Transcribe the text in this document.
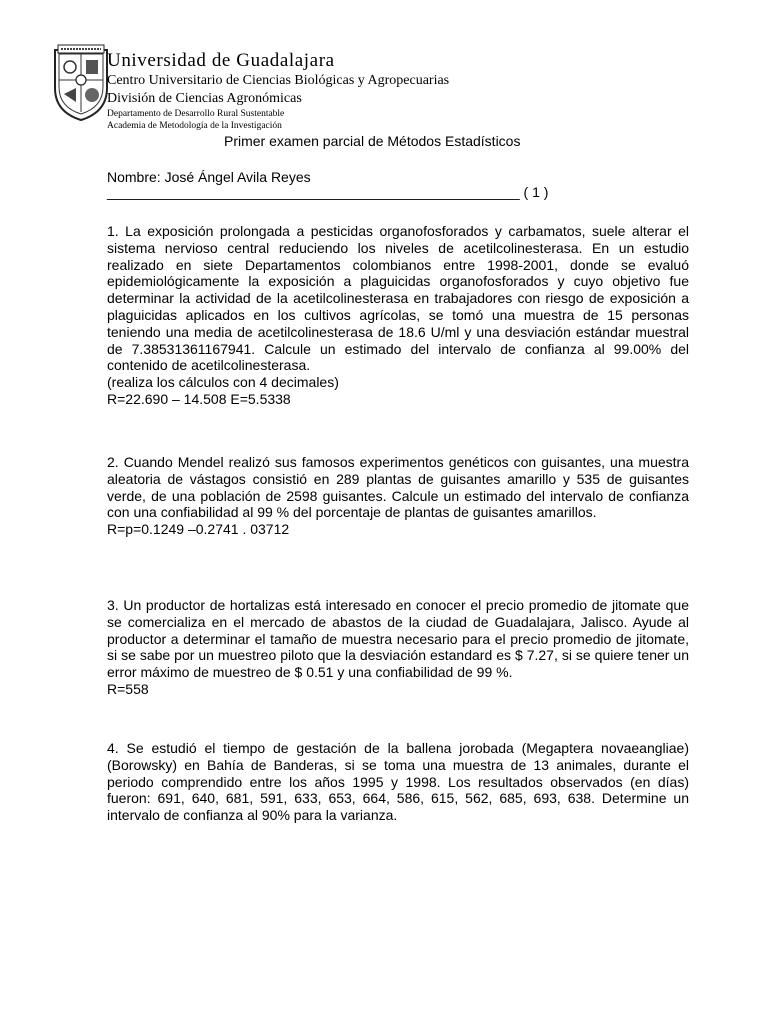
Universidad de Guadalajara
Centro Universitario de Ciencias Biológicas y Agropecuarias
División de Ciencias Agronómicas
Departamento de Desarrollo Rural Sustentable
Academia de Metodología de la Investigación
Primer examen parcial de Métodos Estadísticos
Nombre: José Ángel Avila Reyes
_____________________________________________________ ( 1 )

1. La exposición prolongada a pesticidas organofosforados y carbamatos, suele alterar el sistema nervioso central reduciendo los niveles de acetilcolinesterasa. En un estudio realizado en siete Departamentos colombianos entre 1998-2001, donde se evaluó epidemiológicamente la exposición a plaguicidas organofosforados y cuyo objetivo fue determinar la actividad de la acetilcolinesterasa en trabajadores con riesgo de exposición a plaguicidas aplicados en los cultivos agrícolas, se tomó una muestra de 15 personas teniendo una media de acetilcolinesterasa de 18.6 U/ml y una desviación estándar muestral de 7.38531361167941. Calcule un estimado del intervalo de confianza al 99.00% del contenido de acetilcolinesterasa.

(realiza los cálculos con 4 decimales)
R=22.690 – 14.508 E=5.5338

2. Cuando Mendel realizó sus famosos experimentos genéticos con guisantes, una muestra aleatoria de vástagos consistió en 289 plantas de guisantes amarillo y 535 de guisantes verde, de una población de 2598 guisantes. Calcule un estimado del intervalo de confianza con una confiabilidad al 99 % del porcentaje de plantas de guisantes amarillos.

R=p=0.1249 –0.2741 . 03712

3. Un productor de hortalizas está interesado en conocer el precio promedio de jitomate que se comercializa en el mercado de abastos de la ciudad de Guadalajara, Jalisco. Ayude al productor a determinar el tamaño de muestra necesario para el precio promedio de jitomate, si se sabe por un muestreo piloto que la desviación estandard es $ 7.27, si se quiere tener un error máximo de muestreo de $ 0.51 y una confiabilidad de 99 %.

R=558

4. Se estudió el tiempo de gestación de la ballena jorobada (Megaptera novaeangliae) (Borowsky) en Bahía de Banderas, si se toma una muestra de 13 animales, durante el periodo comprendido entre los años 1995 y 1998. Los resultados observados (en días) fueron: 691, 640, 681, 591, 633, 653, 664, 586, 615, 562, 685, 693, 638. Determine un intervalo de confianza al 90% para la varianza.
